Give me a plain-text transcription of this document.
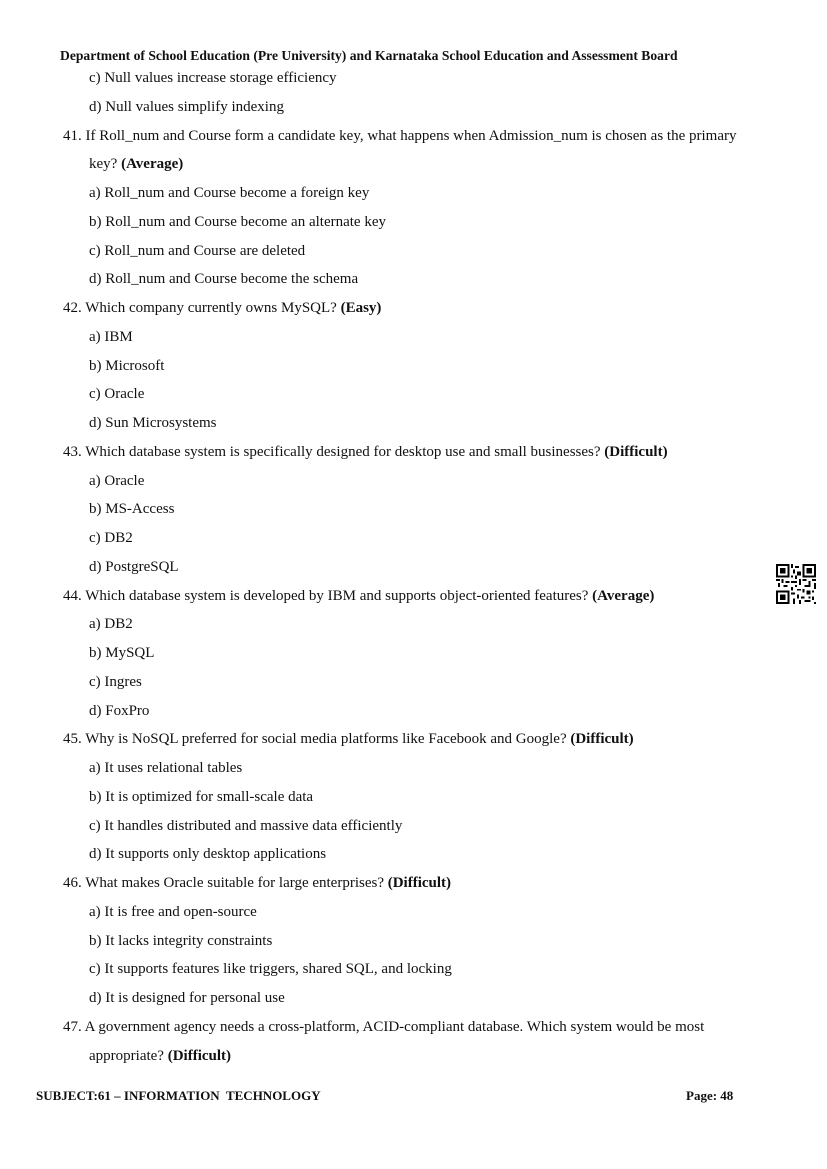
Department of School Education (Pre University) and Karnataka School Education and Assessment Board
c) Null values increase storage efficiency
d) Null values simplify indexing
41. If Roll_num and Course form a candidate key, what happens when Admission_num is chosen as the primary
key? (Average)
a) Roll_num and Course become a foreign key
b) Roll_num and Course become an alternate key
c) Roll_num and Course are deleted
d) Roll_num and Course become the schema
42. Which company currently owns MySQL? (Easy)
a) IBM
b) Microsoft
c) Oracle
d) Sun Microsystems
43. Which database system is specifically designed for desktop use and small businesses? (Difficult)
a) Oracle
b) MS-Access
c) DB2
d) PostgreSQL
44. Which database system is developed by IBM and supports object-oriented features? (Average)
a) DB2
b) MySQL
c) Ingres
d) FoxPro
45. Why is NoSQL preferred for social media platforms like Facebook and Google? (Difficult)
a) It uses relational tables
b) It is optimized for small-scale data
c) It handles distributed and massive data efficiently
d) It supports only desktop applications
46. What makes Oracle suitable for large enterprises? (Difficult)
a) It is free and open-source
b) It lacks integrity constraints
c) It supports features like triggers, shared SQL, and locking
d) It is designed for personal use
47. A government agency needs a cross-platform, ACID-compliant database. Which system would be most
appropriate? (Difficult)
SUBJECT:61 – INFORMATION  TECHNOLOGY	Page: 48
